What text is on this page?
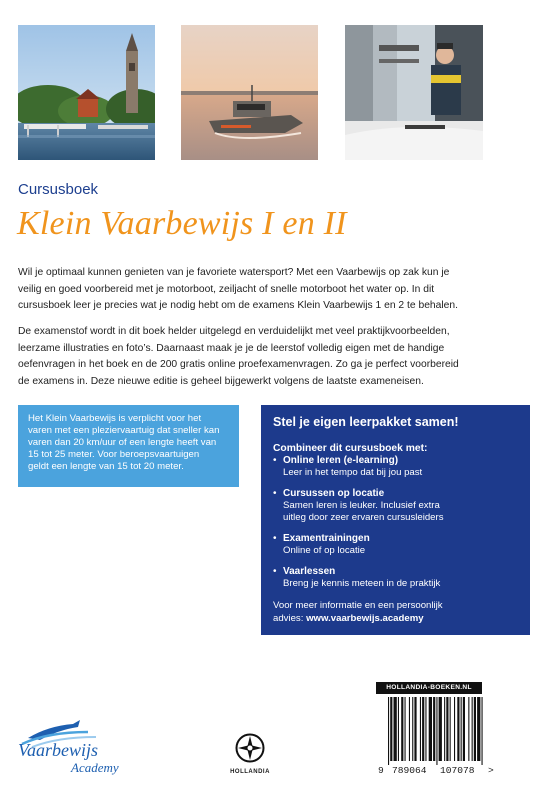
Cursusboek
Klein Vaarbewijs I en II
Wil je optimaal kunnen genieten van je favoriete watersport? Met een Vaarbewijs op zak kun je
veilig en goed voorbereid met je motorboot, zeiljacht of snelle motorboot het water op. In dit
cursusboek leer je precies wat je nodig hebt om de examens Klein Vaarbewijs 1 en 2 te behalen.
De examenstof wordt in dit boek helder uitgelegd en verduidelijkt met veel praktijkvoorbeelden,
leerzame illustraties en foto’s. Daarnaast maak je je de leerstof volledig eigen met de handige
oefenvragen in het boek en de 200 gratis online proefexamenvragen. Zo ga je perfect voorbereid
de examens in. Deze nieuwe editie is geheel bijgewerkt volgens de laatste exameneisen.
Het Klein Vaarbewijs is verplicht voor het
varen met een pleziervaartuig dat sneller kan
varen dan 20 km/uur of een lengte heeft van
15 tot 25 meter. Voor beroepsvaartuigen
geldt een lengte van 15 tot 20 meter.
Stel je eigen leerpakket samen!
Combineer dit cursusboek met:
• Online leren (e-learning)
Leer in het tempo dat bij jou past
• Cursussen op locatie
Samen leren is leuker. Inclusief extra
uitleg door zeer ervaren cursusleiders
• Examentrainingen
Online of op locatie
• Vaarlessen
Breng je kennis meteen in de praktijk
Voor meer informatie en een persoonlijk
advies: www.vaarbewijs.academy
Vaarbewijs
Academy	HOLLANDIA
HOLLANDIA-BOEKEN.NL
9 789064 107078 >
